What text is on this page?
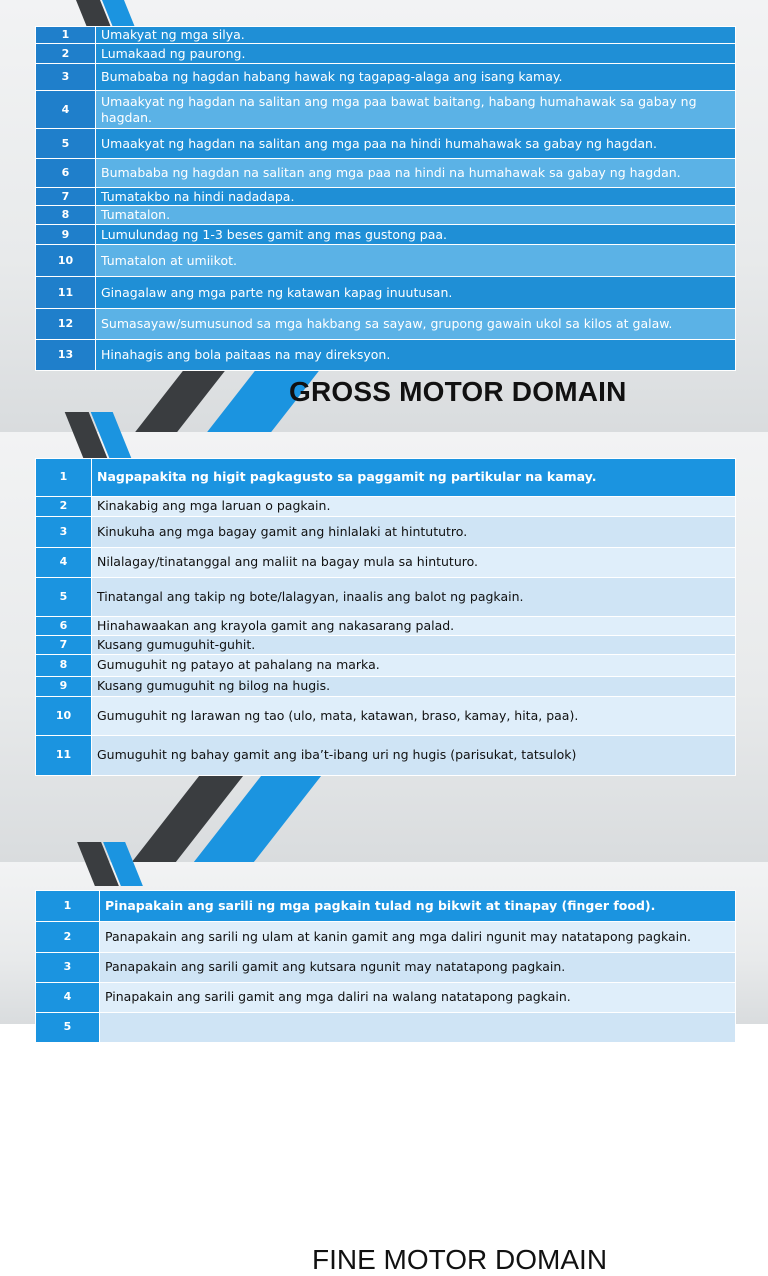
1	Umakyat ng mga silya.
2	Lumakaad ng paurong.
3	Bumababa ng hagdan habang hawak ng tagapag-alaga ang isang kamay.
4	Umaakyat ng hagdan na salitan ang mga paa bawat baitang, habang humahawak sa gabay ng hagdan.
5	Umaakyat ng hagdan na salitan ang mga paa na hindi humahawak sa gabay ng hagdan.
6	Bumababa ng hagdan na salitan ang mga paa na hindi na humahawak sa gabay ng hagdan.
7	Tumatakbo na hindi nadadapa.
8	Tumatalon.
9	Lumulundag ng 1-3 beses gamit ang mas gustong paa.
10	Tumatalon at umiikot.
11	Ginagalaw ang mga parte ng katawan kapag inuutusan.
12	Sumasayaw/sumusunod sa mga hakbang sa sayaw, grupong gawain ukol sa kilos at galaw.
13	Hinahagis ang bola paitaas na may direksyon.
GROSS MOTOR DOMAIN
1	Nagpapakita ng higit pagkagusto sa paggamit ng partikular na kamay.
2	Kinakabig ang mga laruan o pagkain.
3	Kinukuha ang mga bagay gamit ang hinlalaki at hintututro.
4	Nilalagay/tinatanggal ang maliit na bagay mula sa hintuturo.
5	Tinatangal ang takip ng bote/lalagyan, inaalis ang balot ng pagkain.
6	Hinahawaakan ang krayola gamit ang nakasarang palad.
7	Kusang gumuguhit-guhit.
8	Gumuguhit ng patayo at pahalang na marka.
9	Kusang gumuguhit ng bilog na hugis.
10	Gumuguhit ng larawan ng tao (ulo, mata, katawan, braso, kamay, hita, paa).
11	Gumuguhit ng bahay gamit ang iba’t-ibang uri ng hugis (parisukat, tatsulok)
FINE MOTOR DOMAIN
1	Pinapakain ang sarili ng mga pagkain tulad ng bikwit at tinapay (finger food).
2	Panapakain ang sarili ng ulam at kanin gamit ang mga daliri ngunit may natatapong pagkain.
3	Panapakain ang sarili gamit ang kutsara ngunit may natatapong pagkain.
4	Pinapakain ang sarili gamit ang mga daliri na walang natatapong pagkain.
5	
